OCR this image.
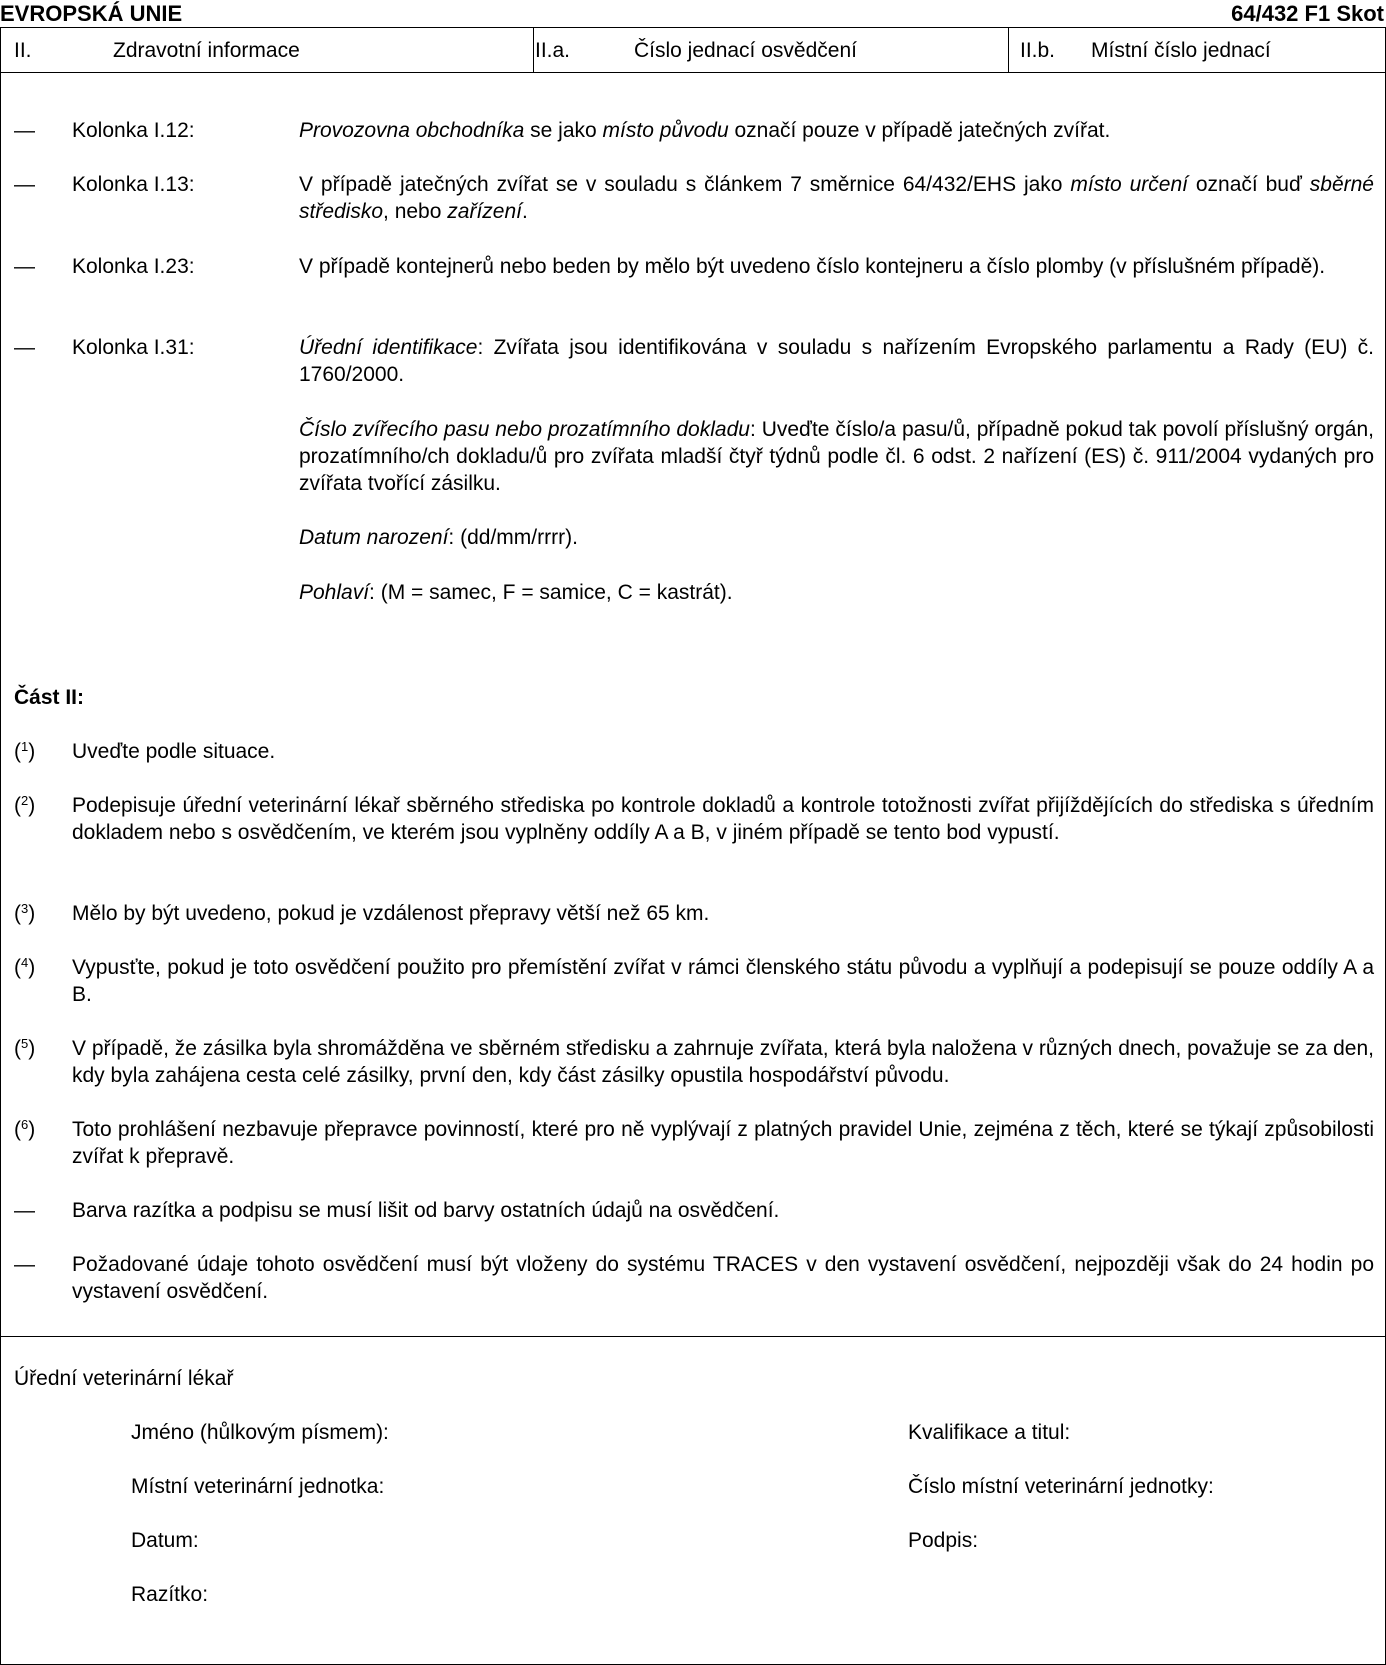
EVROPSKÁ UNIE	64/432 F1 Skot
II.	Zdravotní informace	II.a.	Číslo jednací osvědčení	II.b. Místní číslo jednací
— Kolonka I.12:	Provozovna obchodníka se jako místo původu označí pouze v případě jatečných zvířat.
— Kolonka I.13:	V případě jatečných zvířat se v souladu s článkem 7 směrnice 64/432/EHS jako místo určení označí buď sběrné středisko, nebo zařízení.
— Kolonka I.23:	V případě kontejnerů nebo beden by mělo být uvedeno číslo kontejneru a číslo plomby (v příslušném případě).
— Kolonka I.31:	Úřední identifikace: Zvířata jsou identifikována v souladu s nařízením Evropského parlamentu a Rady (EU) č. 1760/2000.
Číslo zvířecího pasu nebo prozatímního dokladu: Uveďte číslo/a pasu/ů, případně pokud tak povolí příslušný orgán, prozatímního/ch dokladu/ů pro zvířata mladší čtyř týdnů podle čl. 6 odst. 2 nařízení (ES) č. 911/2004 vydaných pro zvířata tvořící zásilku.
Datum narození: (dd/mm/rrrr).
Pohlaví: (M = samec, F = samice, C = kastrát).
Část II:
($^1$) Uveďte podle situace.
($^2$) Podepisuje úřední veterinární lékař sběrného střediska po kontrole dokladů a kontrole totožnosti zvířat přijíždějících do střediska s úředním dokladem nebo s osvědčením, ve kterém jsou vyplněny oddíly A a B, v jiném případě se tento bod vypustí.
($^3$) Mělo by být uvedeno, pokud je vzdálenost přepravy větší než 65 km.
($^4$) Vypusťte, pokud je toto osvědčení použito pro přemístění zvířat v rámci členského státu původu a vyplňují a podepisují se pouze oddíly A a B.
($^5$) V případě, že zásilka byla shromážděna ve sběrném středisku a zahrnuje zvířata, která byla naložena v různých dnech, považuje se za den, kdy byla zahájena cesta celé zásilky, první den, kdy část zásilky opustila hospodářství původu.
($^6$) Toto prohlášení nezbavuje přepravce povinností, které pro ně vyplývají z platných pravidel Unie, zejména z těch, které se týkají způsobilosti zvířat k přepravě.
— Barva razítka a podpisu se musí lišit od barvy ostatních údajů na osvědčení.
— Požadované údaje tohoto osvědčení musí být vloženy do systému TRACES v den vystavení osvědčení, nejpozději však do 24 hodin po vystavení osvědčení.
Úřední veterinární lékař
Jméno (hůlkovým písmem):	Kvalifikace a titul:
Místní veterinární jednotka:	Číslo místní veterinární jednotky:
Datum:	Podpis:
Razítko:
